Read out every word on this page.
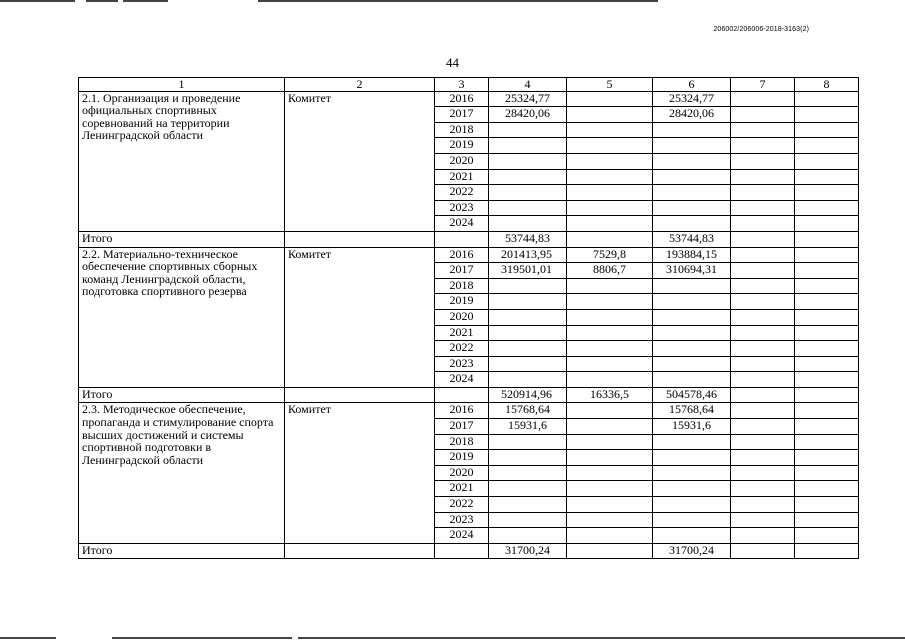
206002/206006-2018-3163(2)
44
1	2	3	4	5	6	7	8
2.1. Организация и проведение официальных спортивных соревнований на территории Ленинградской области	Комитет	2016	25324,77		25324,77		
		2017	28420,06		28420,06		
		2018					
		2019					
		2020					
		2021					
		2022					
		2023					
		2024					
Итого			53744,83		53744,83		
2.2. Материально-техническое обеспечение спортивных сборных команд Ленинградской области, подготовка спортивного резерва	Комитет	2016	201413,95	7529,8	193884,15		
		2017	319501,01	8806,7	310694,31		
		2018					
		2019					
		2020					
		2021					
		2022					
		2023					
		2024					
Итого			520914,96	16336,5	504578,46		
2.3. Методическое обеспечение, пропаганда и стимулирование спорта высших достижений и системы спортивной подготовки в Ленинградской области	Комитет	2016	15768,64		15768,64		
		2017	15931,6		15931,6		
		2018					
		2019					
		2020					
		2021					
		2022					
		2023					
		2024					
Итого			31700,24		31700,24		
